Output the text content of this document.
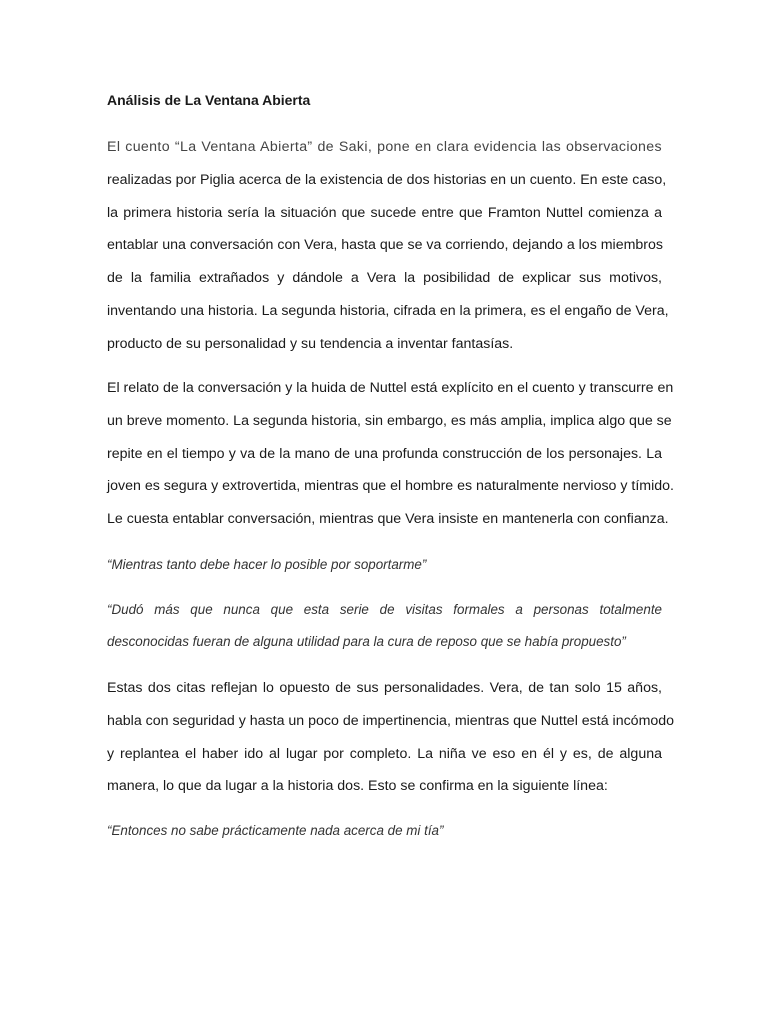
Análisis de La Ventana Abierta
El cuento “La Ventana Abierta” de Saki, pone en clara evidencia las observaciones
realizadas por Piglia acerca de la existencia de dos historias en un cuento. En este caso,
la primera historia sería la situación que sucede entre que Framton Nuttel comienza a
entablar una conversación con Vera, hasta que se va corriendo, dejando a los miembros
de la familia extrañados y dándole a Vera la posibilidad de explicar sus motivos,
inventando una historia. La segunda historia, cifrada en la primera, es el engaño de Vera,
producto de su personalidad y su tendencia a inventar fantasías.
El relato de la conversación y la huida de Nuttel está explícito en el cuento y transcurre en
un breve momento. La segunda historia, sin embargo, es más amplia, implica algo que se
repite en el tiempo y va de la mano de una profunda construcción de los personajes. La
joven es segura y extrovertida, mientras que el hombre es naturalmente nervioso y tímido.
Le cuesta entablar conversación, mientras que Vera insiste en mantenerla con confianza.
“Mientras tanto debe hacer lo posible por soportarme”
“Dudó más que nunca que esta serie de visitas formales a personas totalmente
desconocidas fueran de alguna utilidad para la cura de reposo que se había propuesto”
Estas dos citas reflejan lo opuesto de sus personalidades. Vera, de tan solo 15 años,
habla con seguridad y hasta un poco de impertinencia, mientras que Nuttel está incómodo
y replantea el haber ido al lugar por completo. La niña ve eso en él y es, de alguna
manera, lo que da lugar a la historia dos. Esto se confirma en la siguiente línea:
“Entonces no sabe prácticamente nada acerca de mi tía”
